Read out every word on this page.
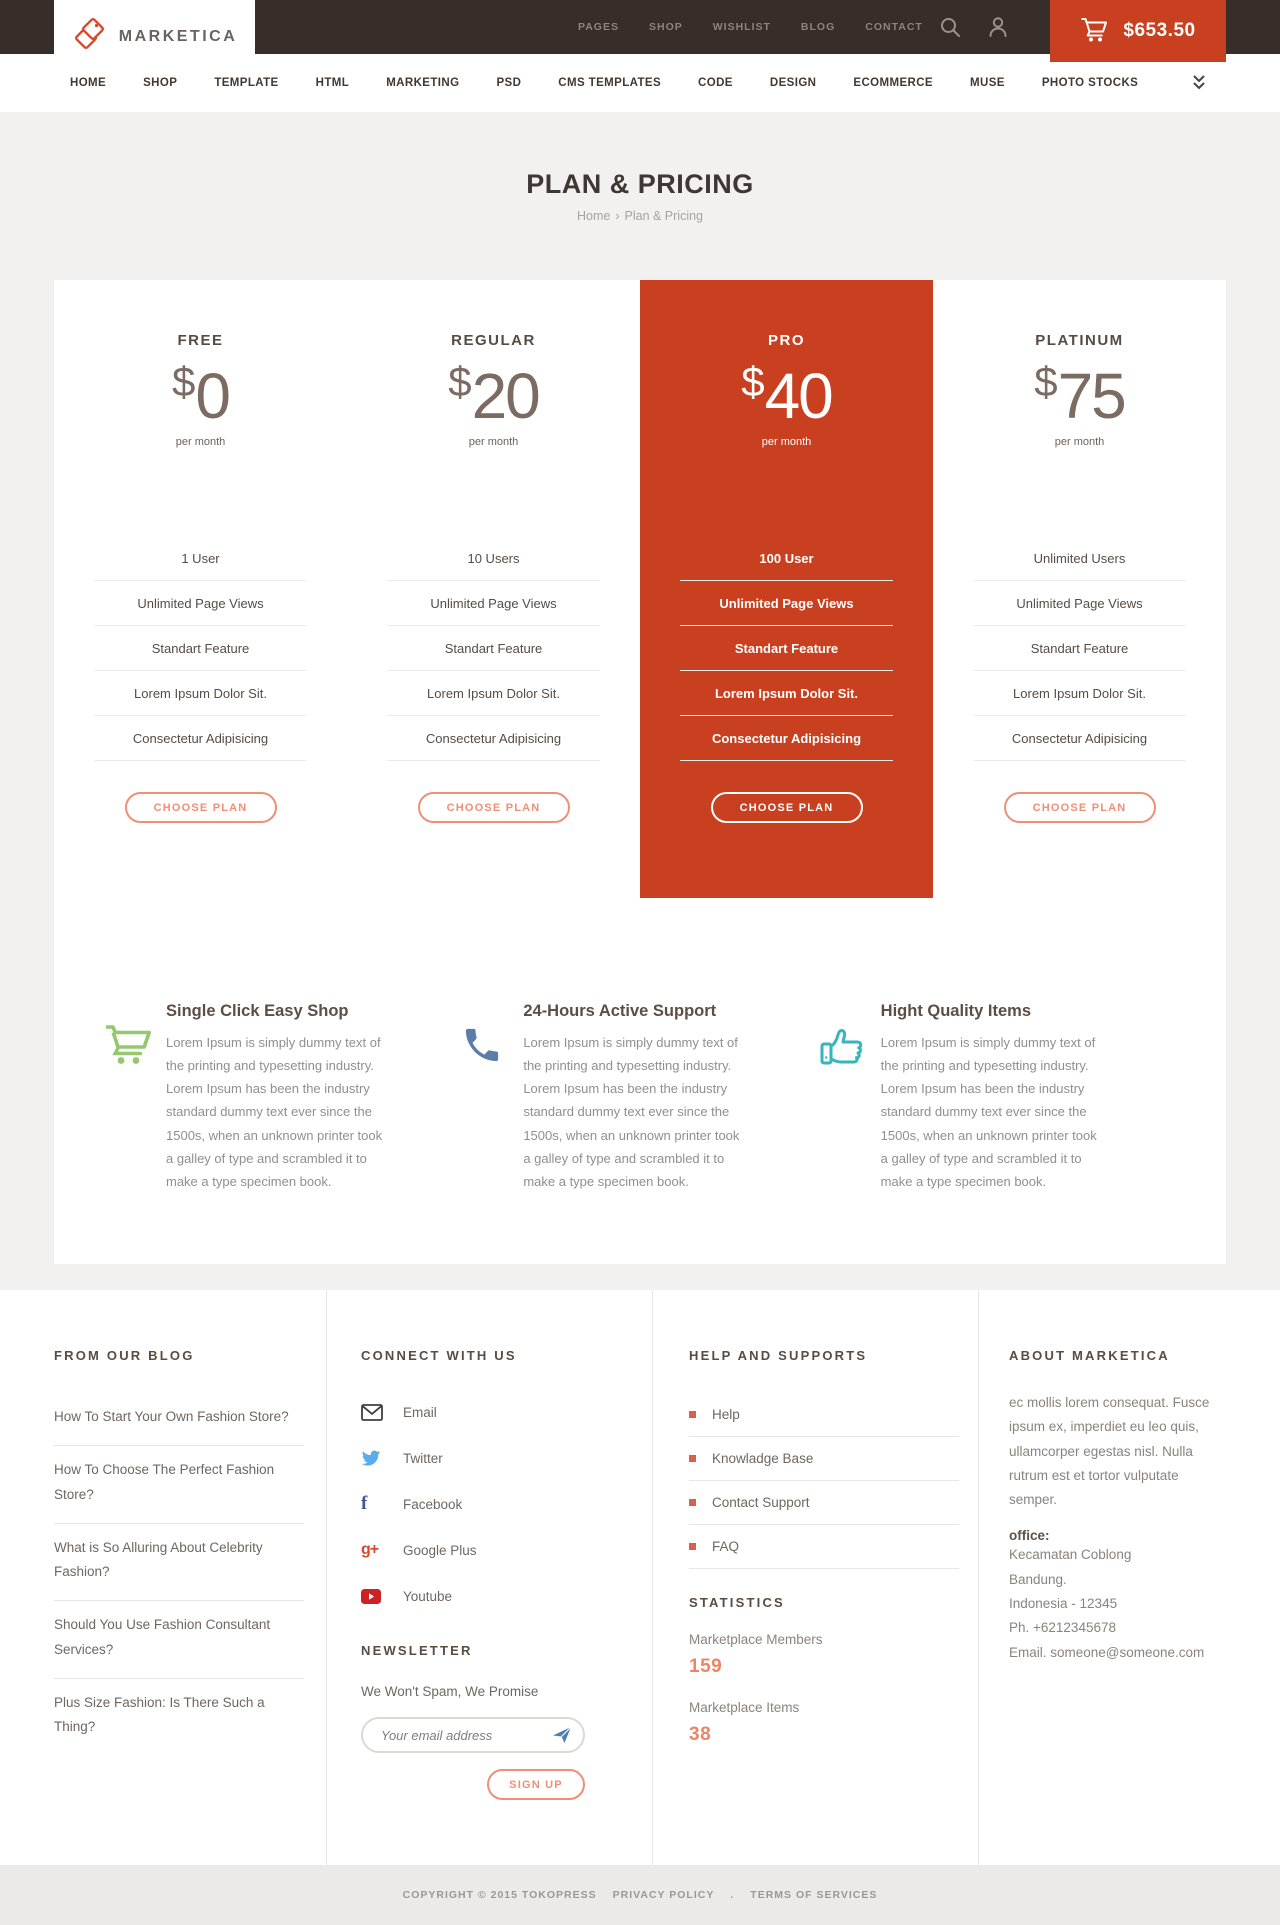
MARKETICA
PAGES	SHOP	WISHLIST	BLOG	CONTACT	$653.50
HOME	SHOP	TEMPLATE	HTML	MARKETING	PSD	CMS TEMPLATES	CODE	DESIGN	ECOMMERCE	MUSE	PHOTO STOCKS
PLAN & PRICING
Home › Plan & Pricing
FREE
$0
per month
1 User
Unlimited Page Views
Standart Feature
Lorem Ipsum Dolor Sit.
Consectetur Adipisicing
CHOOSE PLAN
REGULAR
$20
per month
10 Users
Unlimited Page Views
Standart Feature
Lorem Ipsum Dolor Sit.
Consectetur Adipisicing
CHOOSE PLAN
PRO
$40
per month
100 User
Unlimited Page Views
Standart Feature
Lorem Ipsum Dolor Sit.
Consectetur Adipisicing
CHOOSE PLAN
PLATINUM
$75
per month
Unlimited Users
Unlimited Page Views
Standart Feature
Lorem Ipsum Dolor Sit.
Consectetur Adipisicing
CHOOSE PLAN
Single Click Easy Shop
Lorem Ipsum is simply dummy text of the printing and typesetting industry. Lorem Ipsum has been the industry standard dummy text ever since the 1500s, when an unknown printer took a galley of type and scrambled it to make a type specimen book.
24-Hours Active Support
Lorem Ipsum is simply dummy text of the printing and typesetting industry. Lorem Ipsum has been the industry standard dummy text ever since the 1500s, when an unknown printer took a galley of type and scrambled it to make a type specimen book.
Hight Quality Items
Lorem Ipsum is simply dummy text of the printing and typesetting industry. Lorem Ipsum has been the industry standard dummy text ever since the 1500s, when an unknown printer took a galley of type and scrambled it to make a type specimen book.
FROM OUR BLOG
How To Start Your Own Fashion Store?
How To Choose The Perfect Fashion Store?
What is So Alluring About Celebrity Fashion?
Should You Use Fashion Consultant Services?
Plus Size Fashion: Is There Such a Thing?
CONNECT WITH US
Email
Twitter
f	Facebook
g+ Google Plus
Youtube
NEWSLETTER
We Won't Spam, We Promise
Your email address
SIGN UP
HELP AND SUPPORTS
Help
Knowladge Base
Contact Support
FAQ
STATISTICS
Marketplace Members
159
Marketplace Items
38
ABOUT MARKETICA
ec mollis lorem consequat. Fusce ipsum ex, imperdiet eu leo quis, ullamcorper egestas nisl. Nulla rutrum est et tortor vulputate semper.
office:
Kecamatan Coblong
Bandung.
Indonesia - 12345
Ph. +6212345678
Email. someone@someone.com
COPYRIGHT © 2015 TOKOPRESS PRIVACY POLICY . TERMS OF SERVICES
